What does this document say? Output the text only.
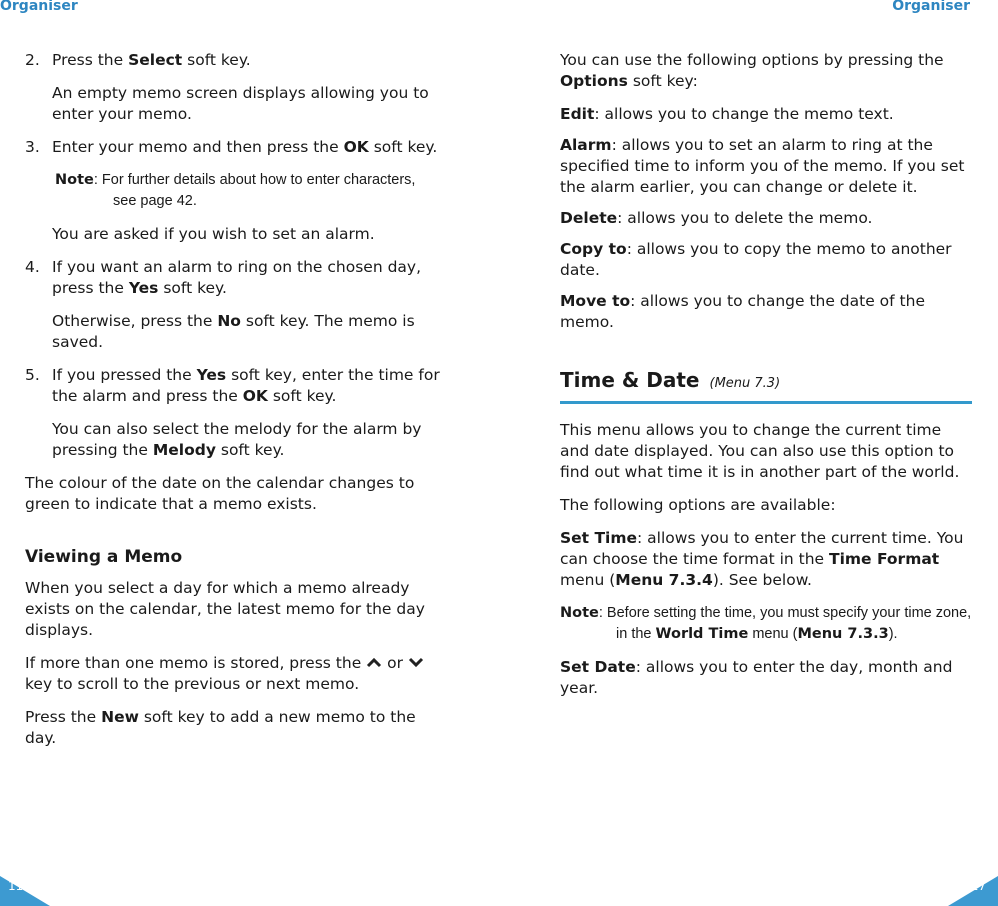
Organiser	Organiser
2. Press the Select soft key.

An empty memo screen displays allowing you to enter your memo.

3. Enter your memo and then press the OK soft key.
Note: For further details about how to enter characters, see page 42.

You are asked if you wish to set an alarm.

4. If you want an alarm to ring on the chosen day, press the Yes soft key.

Otherwise, press the No soft key. The memo is saved.

5. If you pressed the Yes soft key, enter the time for the alarm and press the OK soft key.

You can also select the melody for the alarm by pressing the Melody soft key.

The colour of the date on the calendar changes to green to indicate that a memo exists.

Viewing a Memo

When you select a day for which a memo already exists on the calendar, the latest memo for the day displays.

If more than one memo is stored, press the  or  key to scroll to the previous or next memo.

Press the New soft key to add a new memo to the day.

You can use the following options by pressing the Options soft key:

Edit: allows you to change the memo text.

Alarm: allows you to set an alarm to ring at the specified time to inform you of the memo. If you set the alarm earlier, you can change or delete it.

Delete: allows you to delete the memo.

Copy to: allows you to copy the memo to another date.

Move to: allows you to change the date of the memo.

Time & Date (Menu 7.3)

This menu allows you to change the current time and date displayed. You can also use this option to find out what time it is in another part of the world.

The following options are available:

Set Time: allows you to enter the current time. You can choose the time format in the Time Format menu (Menu 7.3.4). See below.

Note: Before setting the time, you must specify your time zone, in the World Time menu (Menu 7.3.3).

Set Date: allows you to enter the day, month and year.

116	117
